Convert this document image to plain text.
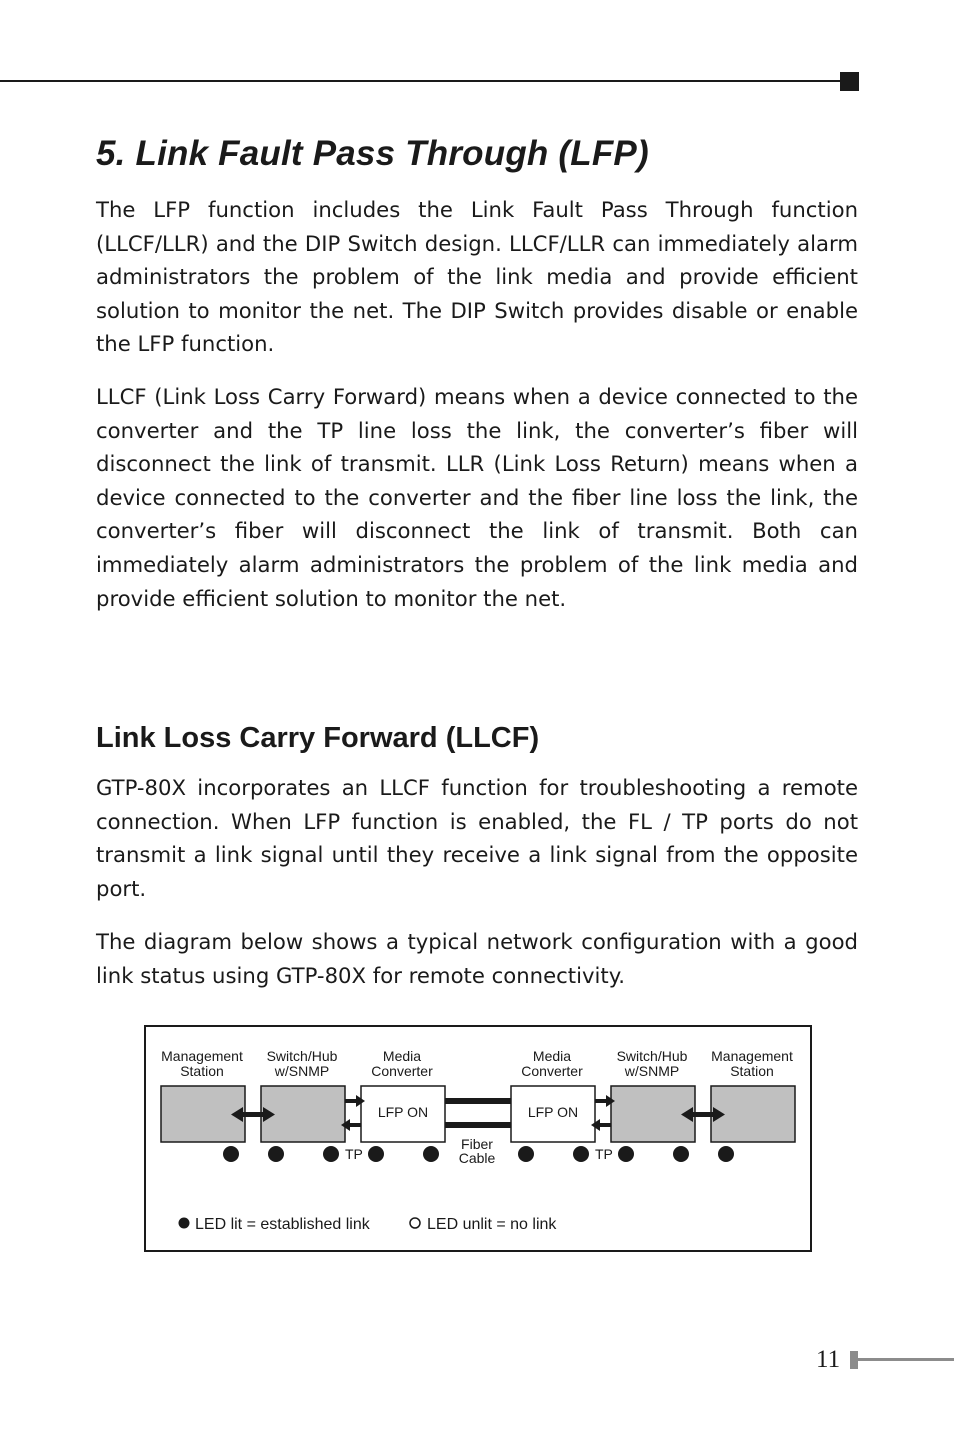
5. Link Fault Pass Through (LFP)

The LFP function includes the Link Fault Pass Through function (LLCF/LLR) and the DIP Switch design. LLCF/LLR can immediately alarm administrators the problem of the link media and provide efficient solution to monitor the net. The DIP Switch provides disable or enable the LFP function.

LLCF (Link Loss Carry Forward) means when a device connected to the converter and the TP line loss the link, the converter’s fiber will disconnect the link of transmit. LLR (Link Loss Return) means when a device connected to the converter and the fiber line loss the link, the converter’s fiber will disconnect the link of transmit. Both can immediately alarm administrators the problem of the link media and provide efficient solution to monitor the net.

Link Loss Carry Forward (LLCF)

GTP-80X incorporates an LLCF function for troubleshooting a remote connection. When LFP function is enabled, the FL / TP ports do not transmit a link signal until they receive a link signal from the opposite port.

The diagram below shows a typical network configuration with a good link status using GTP-80X for remote connectivity.

Management
Station
Switch/Hub
w/SNMP
Media
Converter
Media
Converter
Switch/Hub
w/SNMP
Management
Station
LFP ON	LFP ON
TP	TP
Fiber
Cable
LED lit = established link	LED unlit = no link
11
